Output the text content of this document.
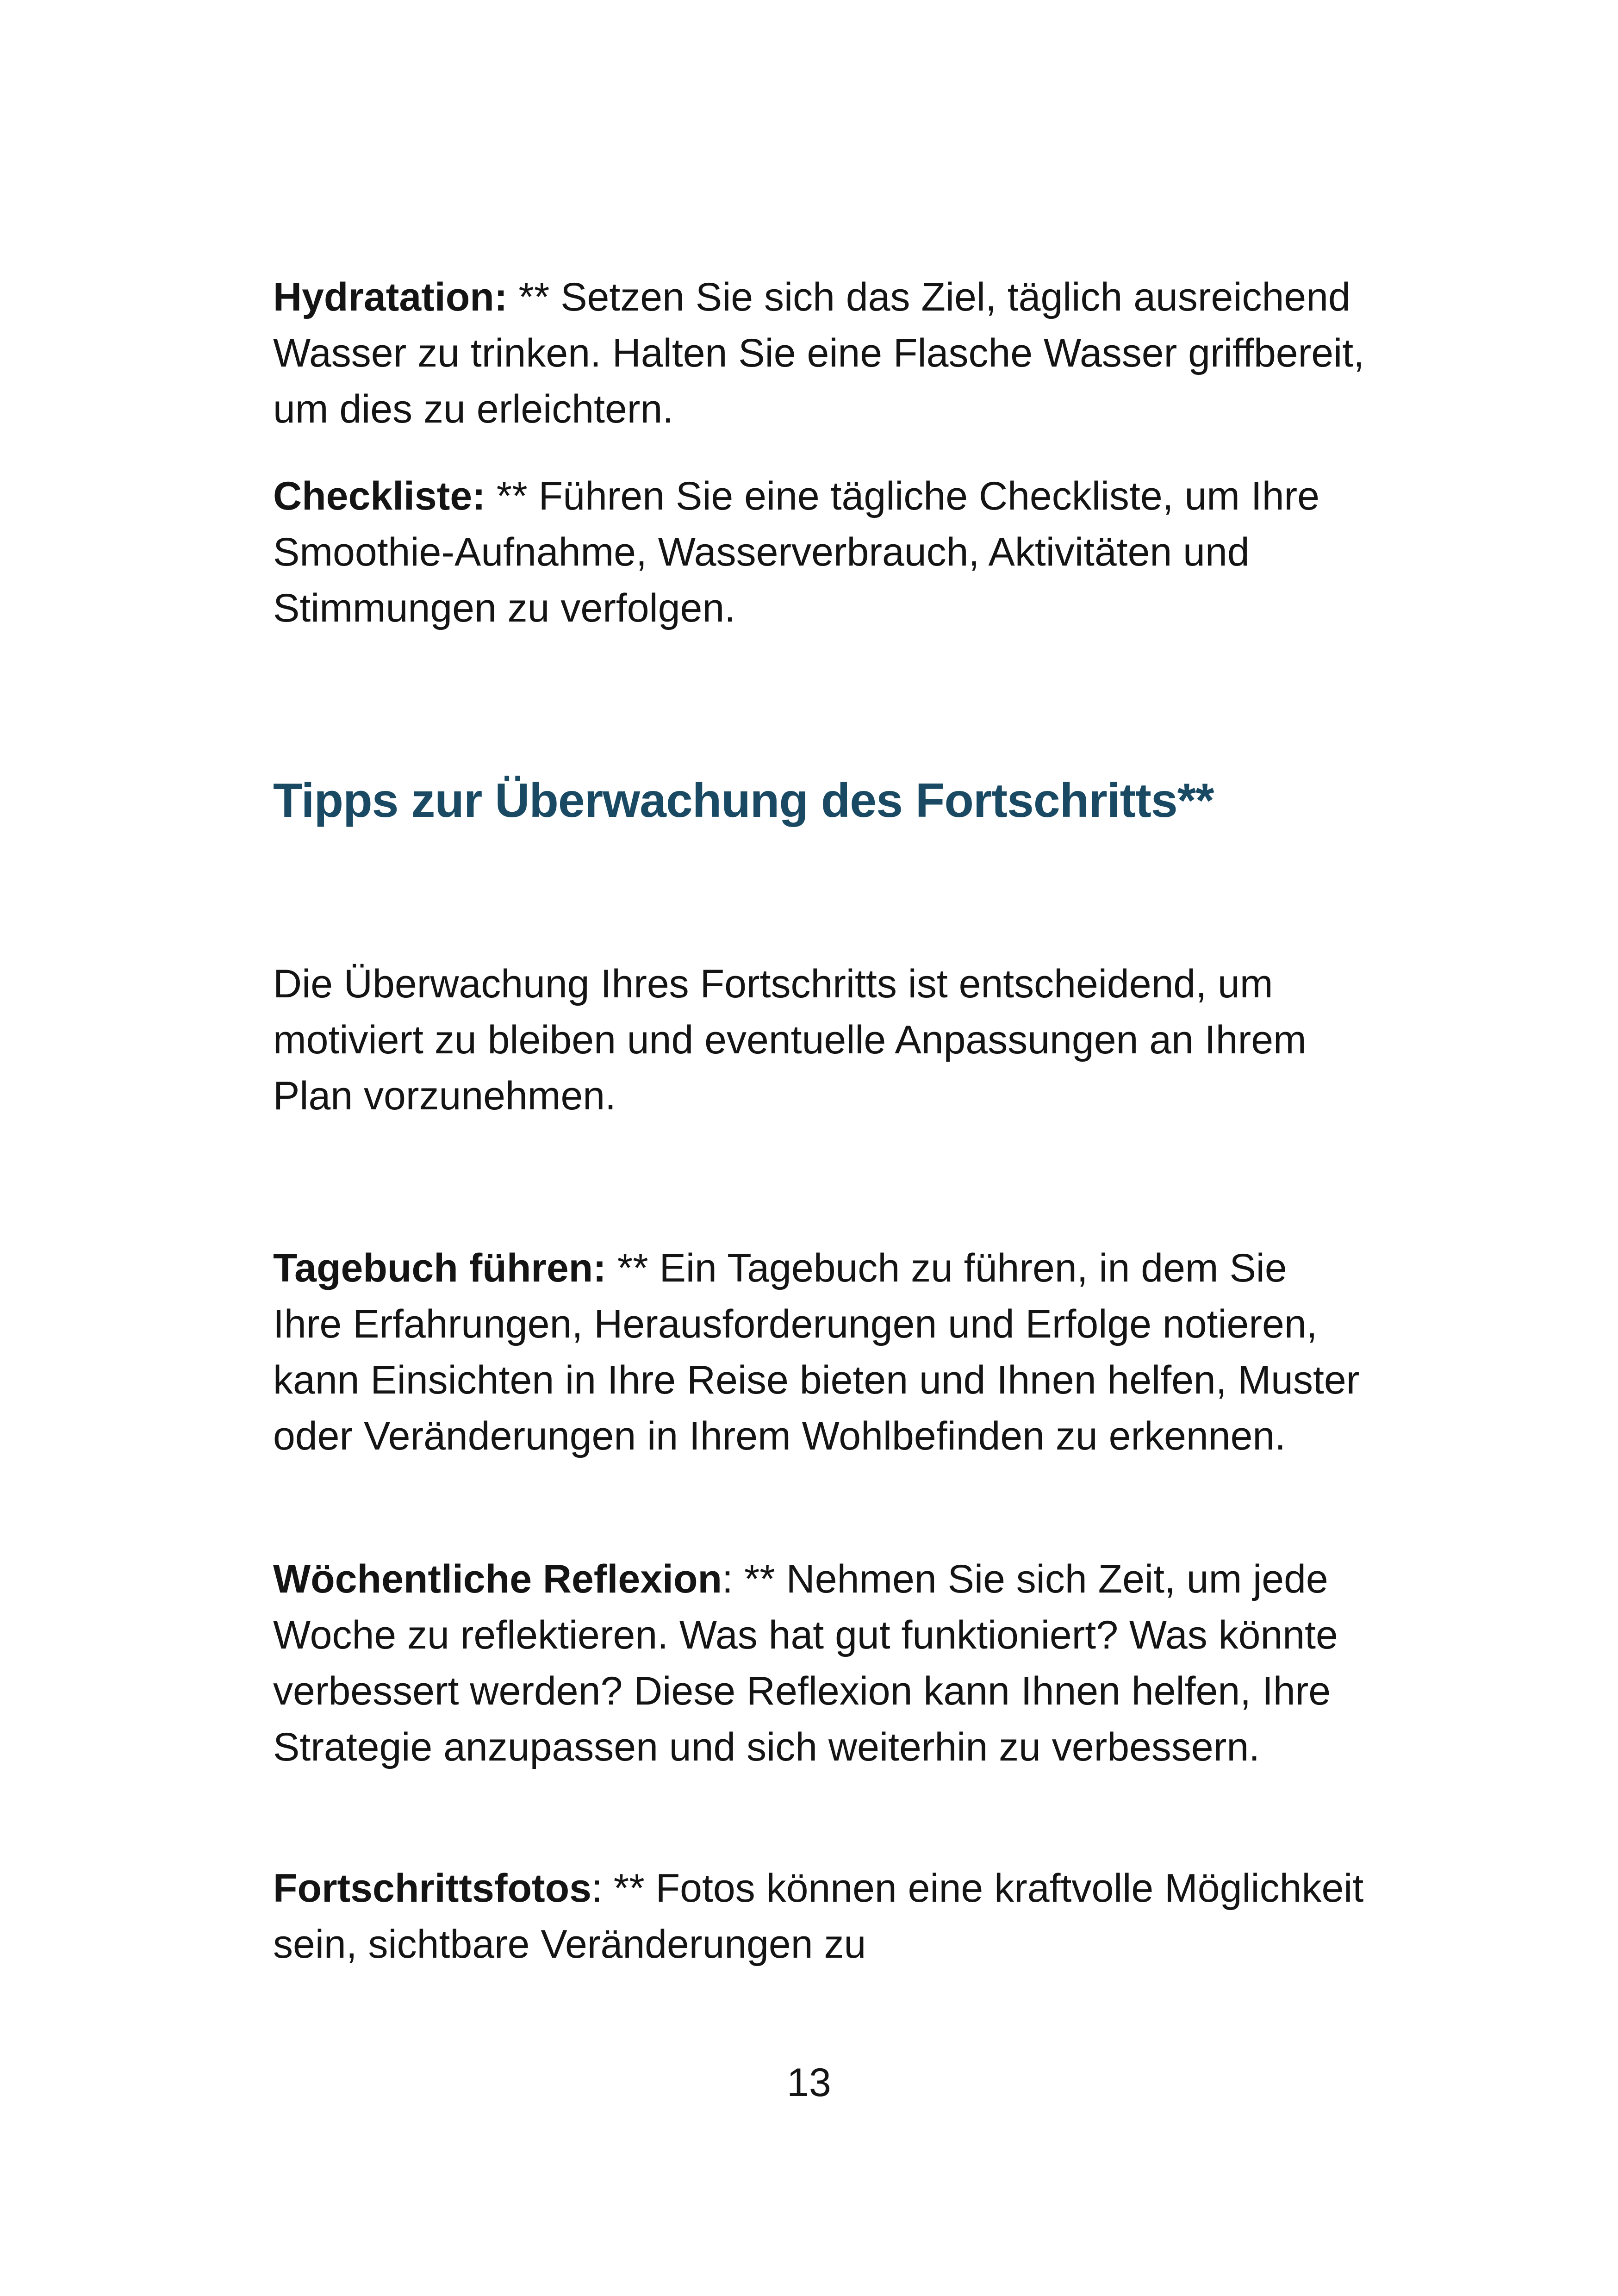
Hydratation: ** Setzen Sie sich das Ziel, täglich ausreichend Wasser zu trinken. Halten Sie eine Flasche Wasser griffbereit, um dies zu erleichtern.

Checkliste: ** Führen Sie eine tägliche Checkliste, um Ihre Smoothie-Aufnahme, Wasserverbrauch, Aktivitäten und Stimmungen zu verfolgen.

Tipps zur Überwachung des Fortschritts**

Die Überwachung Ihres Fortschritts ist entscheidend, um motiviert zu bleiben und eventuelle Anpassungen an Ihrem Plan vorzunehmen.

Tagebuch führen: ** Ein Tagebuch zu führen, in dem Sie Ihre Erfahrungen, Herausforderungen und Erfolge notieren, kann Einsichten in Ihre Reise bieten und Ihnen helfen, Muster oder Veränderungen in Ihrem Wohlbefinden zu erkennen.

Wöchentliche Reflexion: ** Nehmen Sie sich Zeit, um jede Woche zu reflektieren. Was hat gut funktioniert? Was könnte verbessert werden? Diese Reflexion kann Ihnen helfen, Ihre Strategie anzupassen und sich weiterhin zu verbessern.

Fortschrittsfotos: ** Fotos können eine kraftvolle Möglichkeit sein, sichtbare Veränderungen zu

13
